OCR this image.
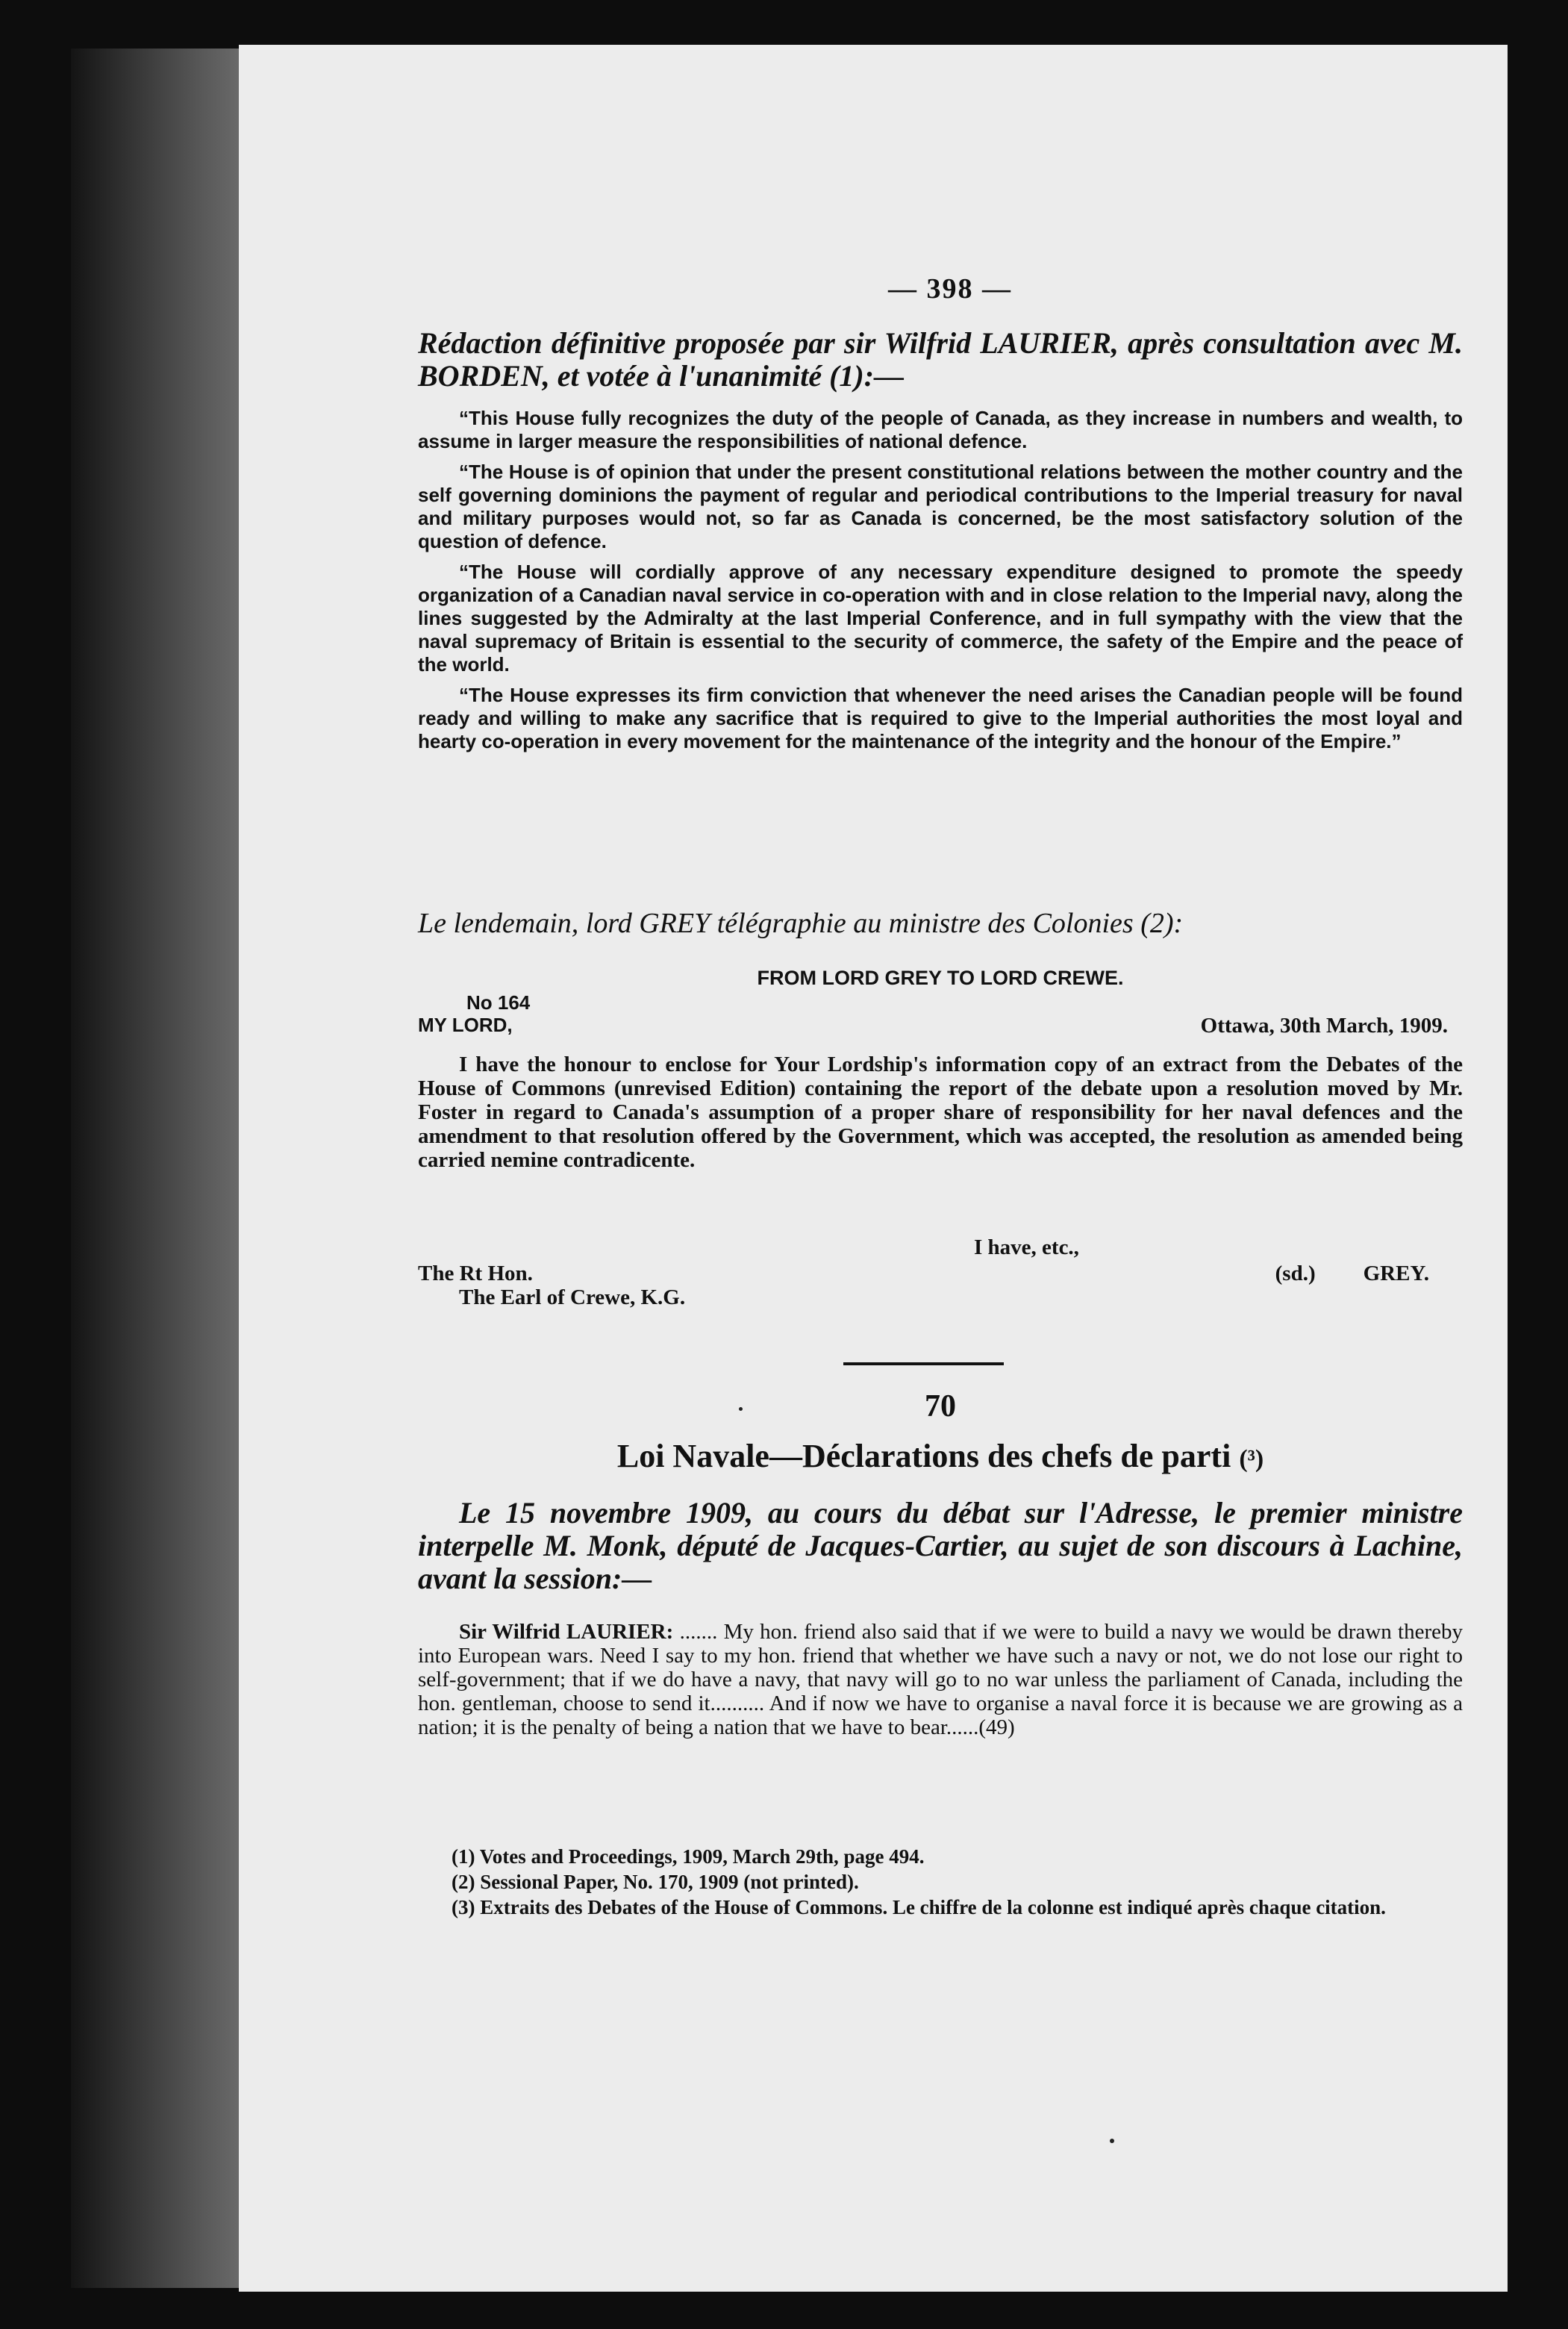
— 398 —
Rédaction définitive proposée par sir Wilfrid LAURIER, après consultation avec M. BORDEN, et votée à l'unanimité (1):—

“This House fully recognizes the duty of the people of Canada, as they increase in numbers and wealth, to assume in larger measure the responsibilities of national defence.

“The House is of opinion that under the present constitutional relations between the mother country and the self governing dominions the payment of regular and periodical contributions to the Imperial treasury for naval and military purposes would not, so far as Canada is concerned, be the most satisfactory solution of the question of defence.

“The House will cordially approve of any necessary expenditure designed to promote the speedy organization of a Canadian naval service in co-operation with and in close relation to the Imperial navy, along the lines suggested by the Admiralty at the last Imperial Conference, and in full sympathy with the view that the naval supremacy of Britain is essential to the security of commerce, the safety of the Empire and the peace of the world.

“The House expresses its firm conviction that whenever the need arises the Canadian people will be found ready and willing to make any sacrifice that is required to give to the Imperial authorities the most loyal and hearty co-operation in every movement for the maintenance of the integrity and the honour of the Empire.”

Le lendemain, lord GREY télégraphie au ministre des Colonies (2):
FROM LORD GREY TO LORD CREWE.
No 164
MY LORD,	Ottawa, 30th March, 1909.

I have the honour to enclose for Your Lordship's information copy of an extract from the Debates of the House of Commons (unrevised Edition) containing the report of the debate upon a resolution moved by Mr. Foster in regard to Canada's assumption of a proper share of responsibility for her naval defences and the amendment to that resolution offered by the Government, which was accepted, the resolution as amended being carried nemine contradicente.

I have, etc.,
The Rt Hon.	(sd.) GREY.
The Earl of Crewe, K.G.
70
Loi Navale—Déclarations des chefs de parti (³)
Le 15 novembre 1909, au cours du débat sur l'Adresse, le premier ministre interpelle M. Monk, député de Jacques-Cartier, au sujet de son discours à Lachine, avant la session:—

Sir Wilfrid LAURIER: ....... My hon. friend also said that if we were to build a navy we would be drawn thereby into European wars. Need I say to my hon. friend that whether we have such a navy or not, we do not lose our right to self-government; that if we do have a navy, that navy will go to no war unless the parliament of Canada, including the hon. gentleman, choose to send it.......... And if now we have to organise a naval force it is because we are growing as a nation; it is the penalty of being a nation that we have to bear......(49)

(1) Votes and Proceedings, 1909, March 29th, page 494.
(2) Sessional Paper, No. 170, 1909 (not printed).
(3) Extraits des Debates of the House of Commons. Le chiffre de la colonne est indiqué après chaque citation.
